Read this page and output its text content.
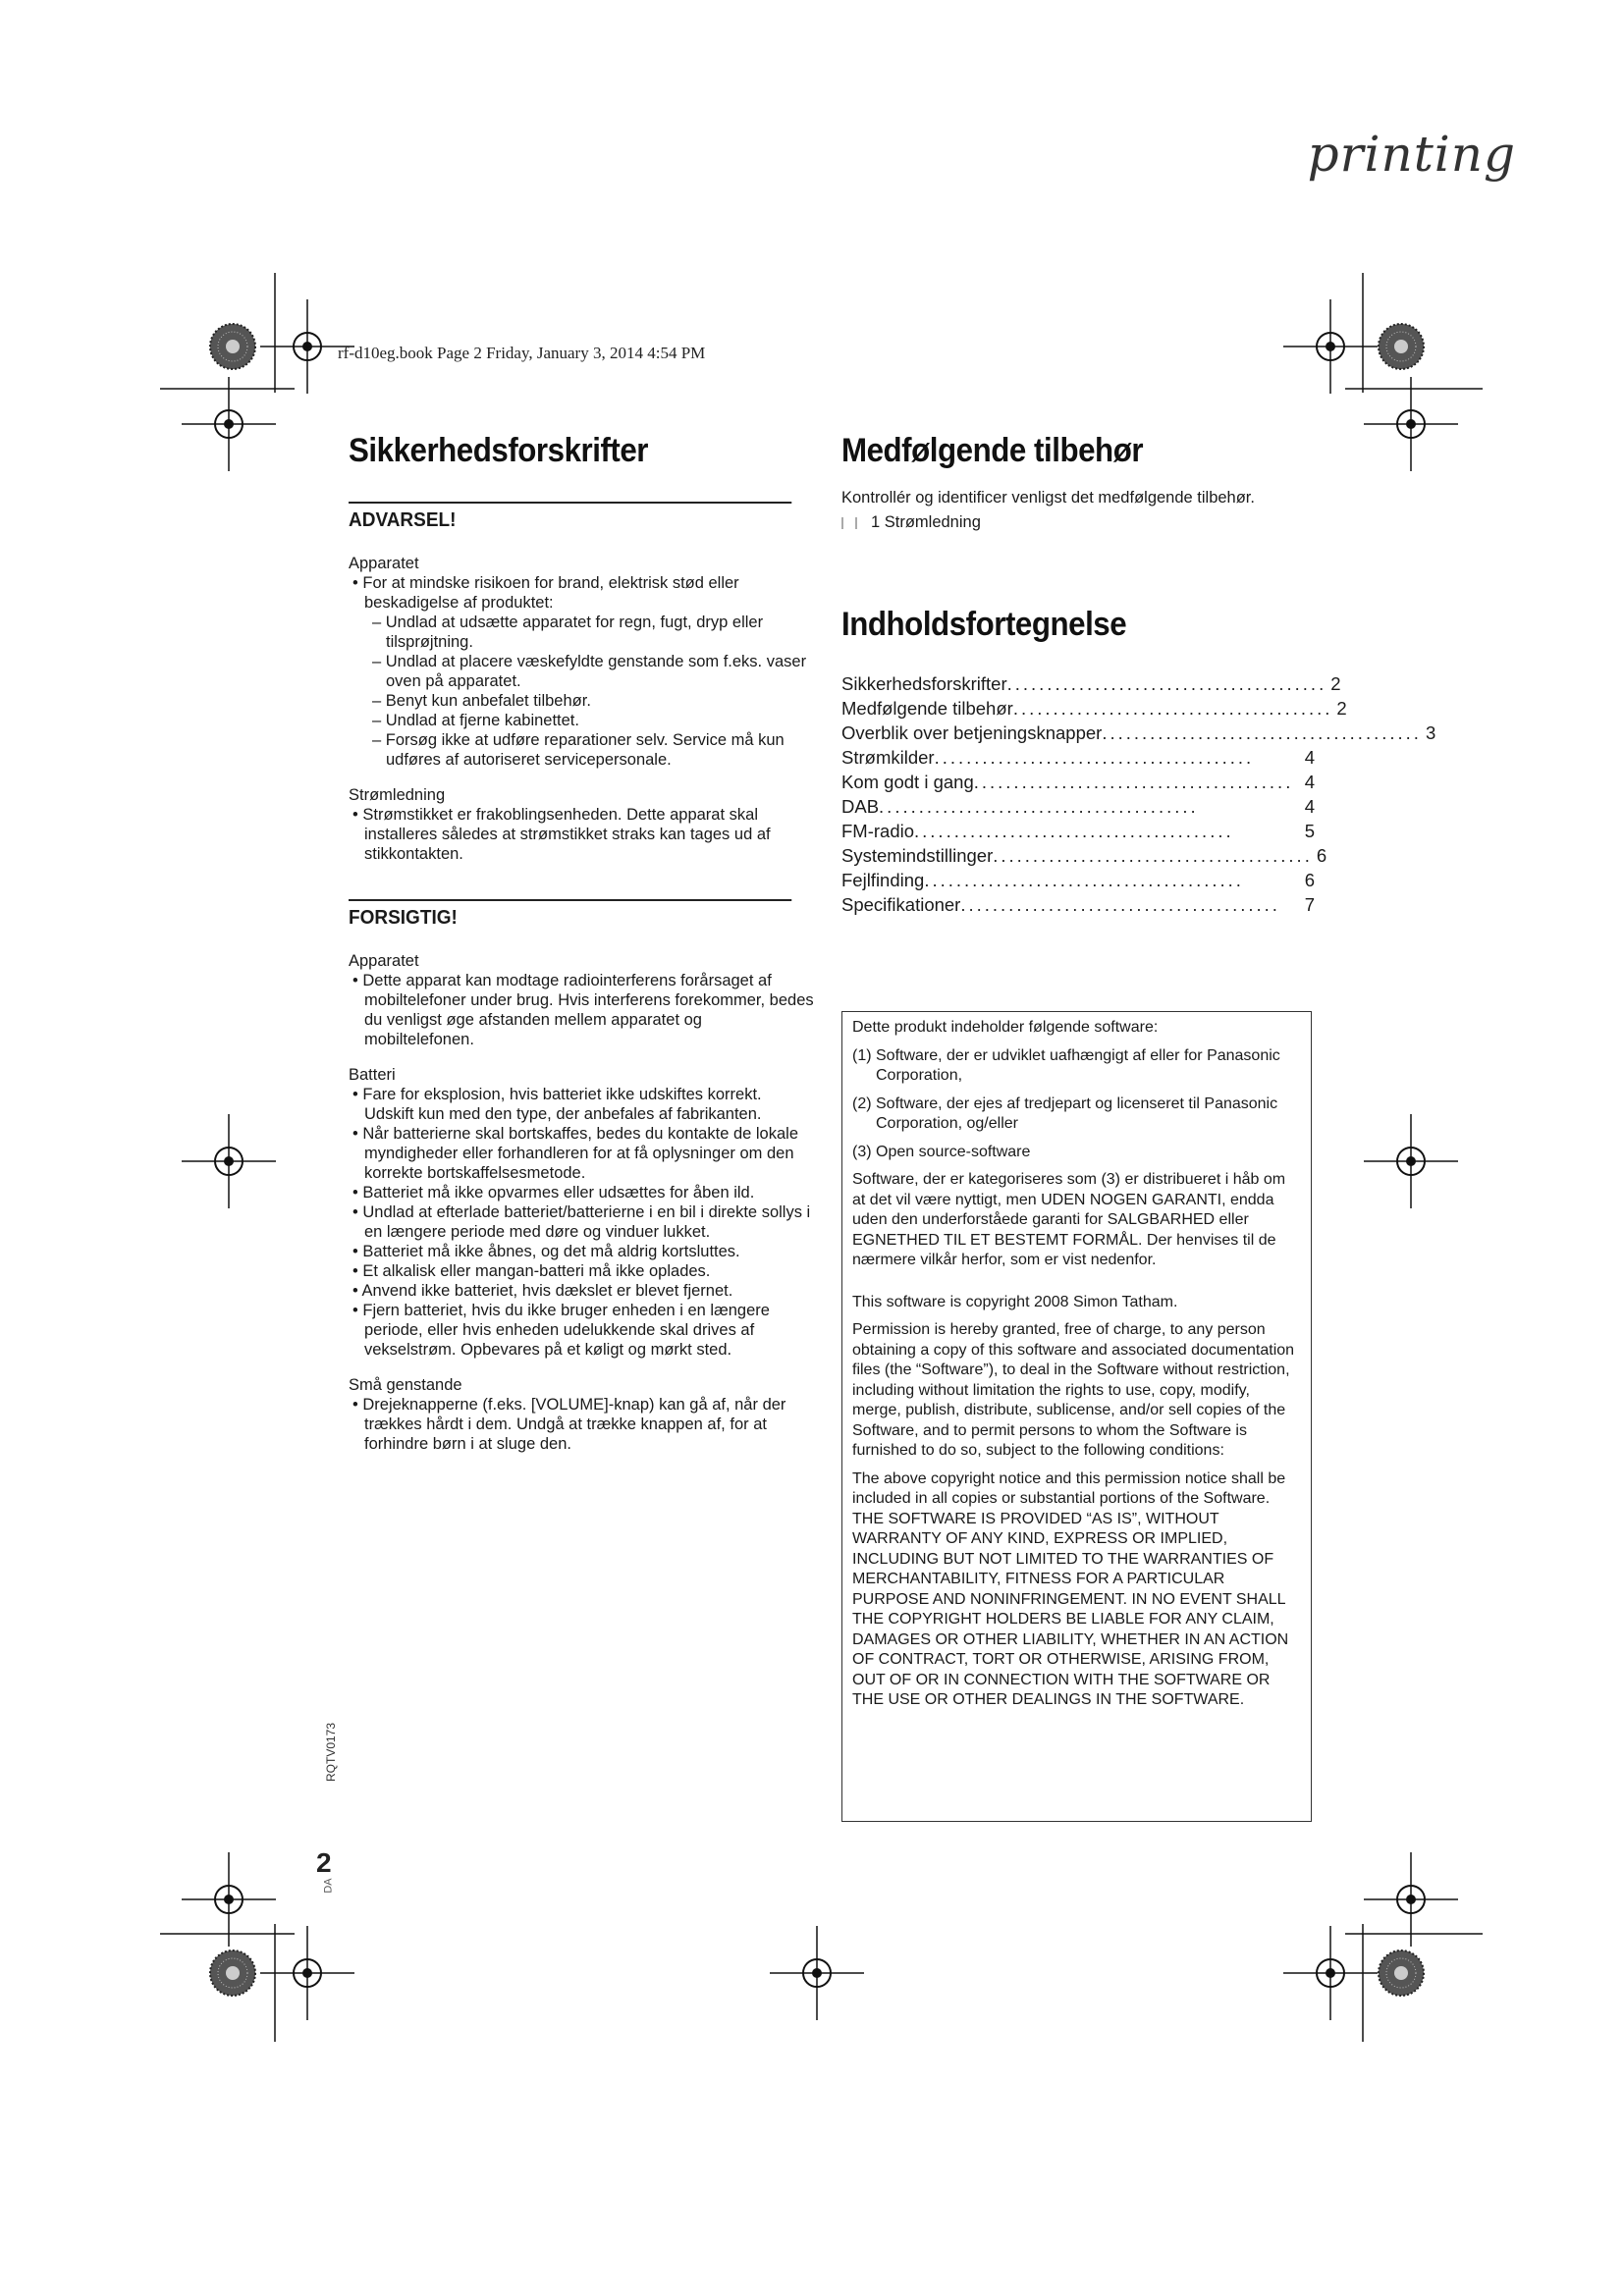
printing
rf-d10eg.book Page 2 Friday, January 3, 2014 4:54 PM
Sikkerhedsforskrifter
ADVARSEL!
Apparatet

• For at mindske risikoen for brand, elektrisk stød eller beskadigelse af produktet:

– Undlad at udsætte apparatet for regn, fugt, dryp eller tilsprøjtning.

– Undlad at placere væskefyldte genstande som f.eks. vaser oven på apparatet.

– Benyt kun anbefalet tilbehør.

– Undlad at fjerne kabinettet.

– Forsøg ikke at udføre reparationer selv. Service må kun udføres af autoriseret servicepersonale.

Strømledning

• Strømstikket er frakoblingsenheden. Dette apparat skal installeres således at strømstikket straks kan tages ud af stikkontakten.

FORSIGTIG!
Apparatet

• Dette apparat kan modtage radiointerferens forårsaget af mobiltelefoner under brug. Hvis interferens forekommer, bedes du venligst øge afstanden mellem apparatet og mobiltelefonen.

Batteri

• Fare for eksplosion, hvis batteriet ikke udskiftes korrekt. Udskift kun med den type, der anbefales af fabrikanten.

• Når batterierne skal bortskaffes, bedes du kontakte de lokale myndigheder eller forhandleren for at få oplysninger om den korrekte bortskaffelsesmetode.

• Batteriet må ikke opvarmes eller udsættes for åben ild.

• Undlad at efterlade batteriet/batterierne i en bil i direkte sollys i en længere periode med døre og vinduer lukket.

• Batteriet må ikke åbnes, og det må aldrig kortsluttes.

• Et alkalisk eller mangan-batteri må ikke oplades.

• Anvend ikke batteriet, hvis dækslet er blevet fjernet.

• Fjern batteriet, hvis du ikke bruger enheden i en længere periode, eller hvis enheden udelukkende skal drives af vekselstrøm. Opbevares på et køligt og mørkt sted.

Små genstande

• Drejeknapperne (f.eks. [VOLUME]-knap) kan gå af, når der trækkes hårdt i dem. Undgå at trække knappen af, for at forhindre børn i at sluge den.

Medfølgende tilbehør

Kontrollér og identificer venligst det medfølgende tilbehør.

1 Strømledning
Indholdsfortegnelse
Sikkerhedsforskrifter ........................................ 2
Medfølgende tilbehør ........................................ 2
Overblik over betjeningsknapper ........................................ 3
Strømkilder ........................................	4
Kom godt i gang ........................................ 4
DAB ........................................	4
FM-radio ........................................	5
Systemindstillinger ........................................ 6
Fejlfinding ........................................	6
Specifikationer ........................................	7

Dette produkt indeholder følgende software:

(1) Software, der er udviklet uafhængigt af eller for Panasonic Corporation,

(2) Software, der ejes af tredjepart og licenseret til Panasonic Corporation, og/eller

(3) Open source-software

Software, der er kategoriseres som (3) er distribueret i håb om at det vil være nyttigt, men UDEN NOGEN GARANTI, endda uden den underforståede garanti for SALGBARHED eller EGNETHED TIL ET BESTEMT FORMÅL. Der henvises til de nærmere vilkår herfor, som er vist nedenfor.

This software is copyright 2008 Simon Tatham.

Permission is hereby granted, free of charge, to any person obtaining a copy of this software and associated documentation files (the “Software”), to deal in the Software without restriction, including without limitation the rights to use, copy, modify, merge, publish, distribute, sublicense, and/or sell copies of the Software, and to permit persons to whom the Software is furnished to do so, subject to the following conditions:

The above copyright notice and this permission notice shall be included in all copies or substantial portions of the Software.

THE SOFTWARE IS PROVIDED “AS IS”, WITHOUT WARRANTY OF ANY KIND, EXPRESS OR IMPLIED, INCLUDING BUT NOT LIMITED TO THE WARRANTIES OF MERCHANTABILITY, FITNESS FOR A PARTICULAR PURPOSE AND NONINFRINGEMENT. IN NO EVENT SHALL THE COPYRIGHT HOLDERS BE LIABLE FOR ANY CLAIM, DAMAGES OR OTHER LIABILITY, WHETHER IN AN ACTION OF CONTRACT, TORT OR OTHERWISE, ARISING FROM, OUT OF OR IN CONNECTION WITH THE SOFTWARE OR THE USE OR OTHER DEALINGS IN THE SOFTWARE.

RQTV0173
2
DA
